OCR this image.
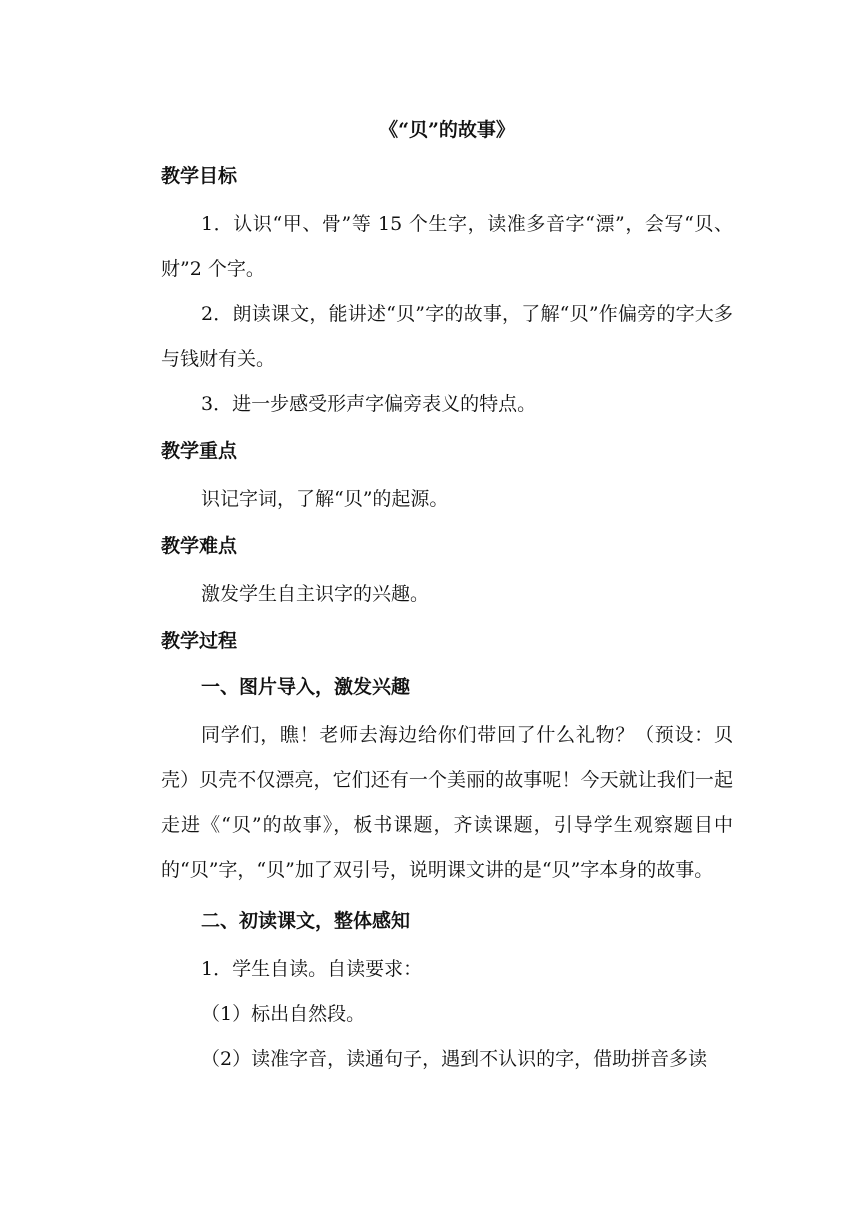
《“贝”的故事》
教学目标

1．认识“甲、骨”等 15 个生字，读准多音字“漂”，会写“贝、财”2 个字。

2．朗读课文，能讲述“贝”字的故事，了解“贝”作偏旁的字大多与钱财有关。

3．进一步感受形声字偏旁表义的特点。

教学重点

识记字词，了解“贝”的起源。

教学难点

激发学生自主识字的兴趣。

教学过程
一、图片导入，激发兴趣

同学们，瞧！老师去海边给你们带回了什么礼物？（预设：贝壳）贝壳不仅漂亮，它们还有一个美丽的故事呢！今天就让我们一起走进《“贝”的故事》，板书课题，齐读课题，引导学生观察题目中的“贝”字，“贝”加了双引号，说明课文讲的是“贝”字本身的故事。

二、初读课文，整体感知

1．学生自读。自读要求：

（1）标出自然段。

（2）读准字音，读通句子，遇到不认识的字，借助拼音多读
